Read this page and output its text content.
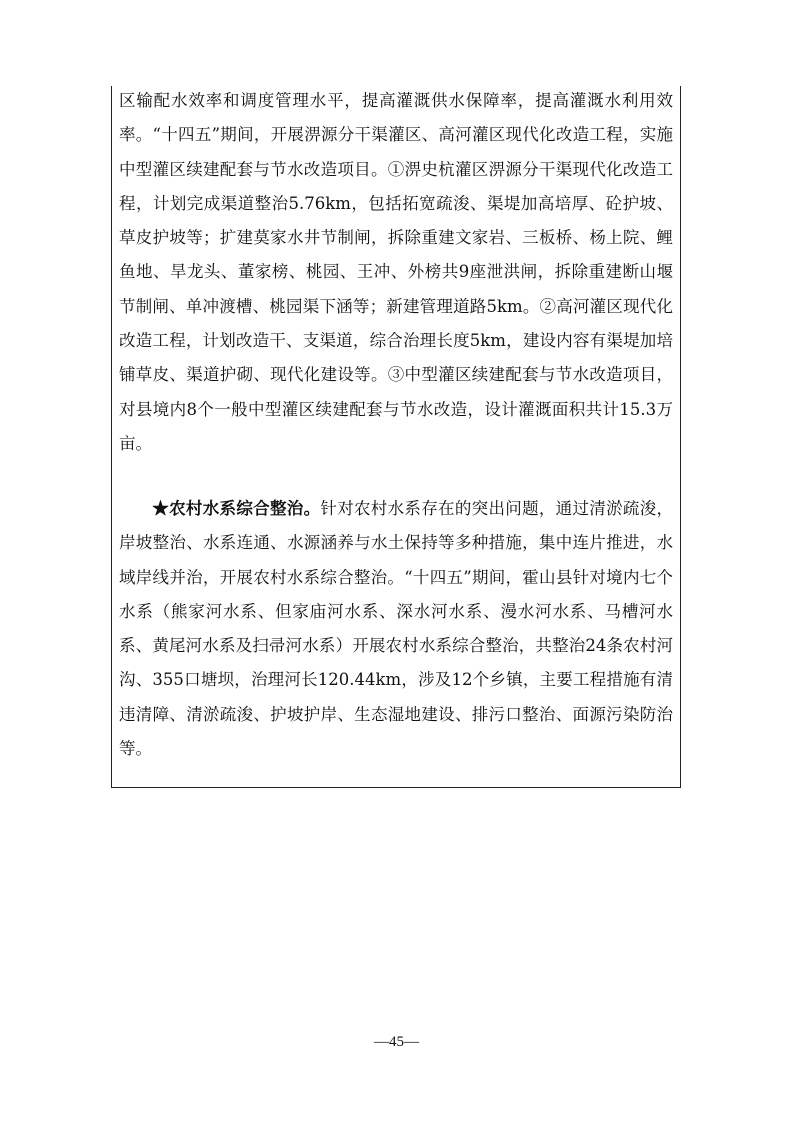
区输配水效率和调度管理水平，提高灌溉供水保障率，提高灌溉水利用效率。“十四五”期间，开展淠源分干渠灌区、高河灌区现代化改造工程，实施中型灌区续建配套与节水改造项目。①淠史杭灌区淠源分干渠现代化改造工程，计划完成渠道整治5.76km，包括拓宽疏浚、渠堤加高培厚、砼护坡、草皮护坡等；扩建莫家水井节制闸，拆除重建文家岩、三板桥、杨上院、鲤鱼地、旱龙头、董家榜、桃园、王冲、外榜共9座泄洪闸，拆除重建断山堰节制闸、单冲渡槽、桃园渠下涵等；新建管理道路5km。②高河灌区现代化改造工程，计划改造干、支渠道，综合治理长度5km，建设内容有渠堤加培铺草皮、渠道护砌、现代化建设等。③中型灌区续建配套与节水改造项目，对县境内8个一般中型灌区续建配套与节水改造，设计灌溉面积共计15.3万亩。

★农村水系综合整治。针对农村水系存在的突出问题，通过清淤疏浚，岸坡整治、水系连通、水源涵养与水土保持等多种措施，集中连片推进，水域岸线并治，开展农村水系综合整治。“十四五”期间，霍山县针对境内七个水系（熊家河水系、但家庙河水系、深水河水系、漫水河水系、马槽河水系、黄尾河水系及扫帚河水系）开展农村水系综合整治，共整治24条农村河沟、355口塘坝，治理河长120.44km，涉及12个乡镇，主要工程措施有清违清障、清淤疏浚、护坡护岸、生态湿地建设、排污口整治、面源污染防治等。

—45—
